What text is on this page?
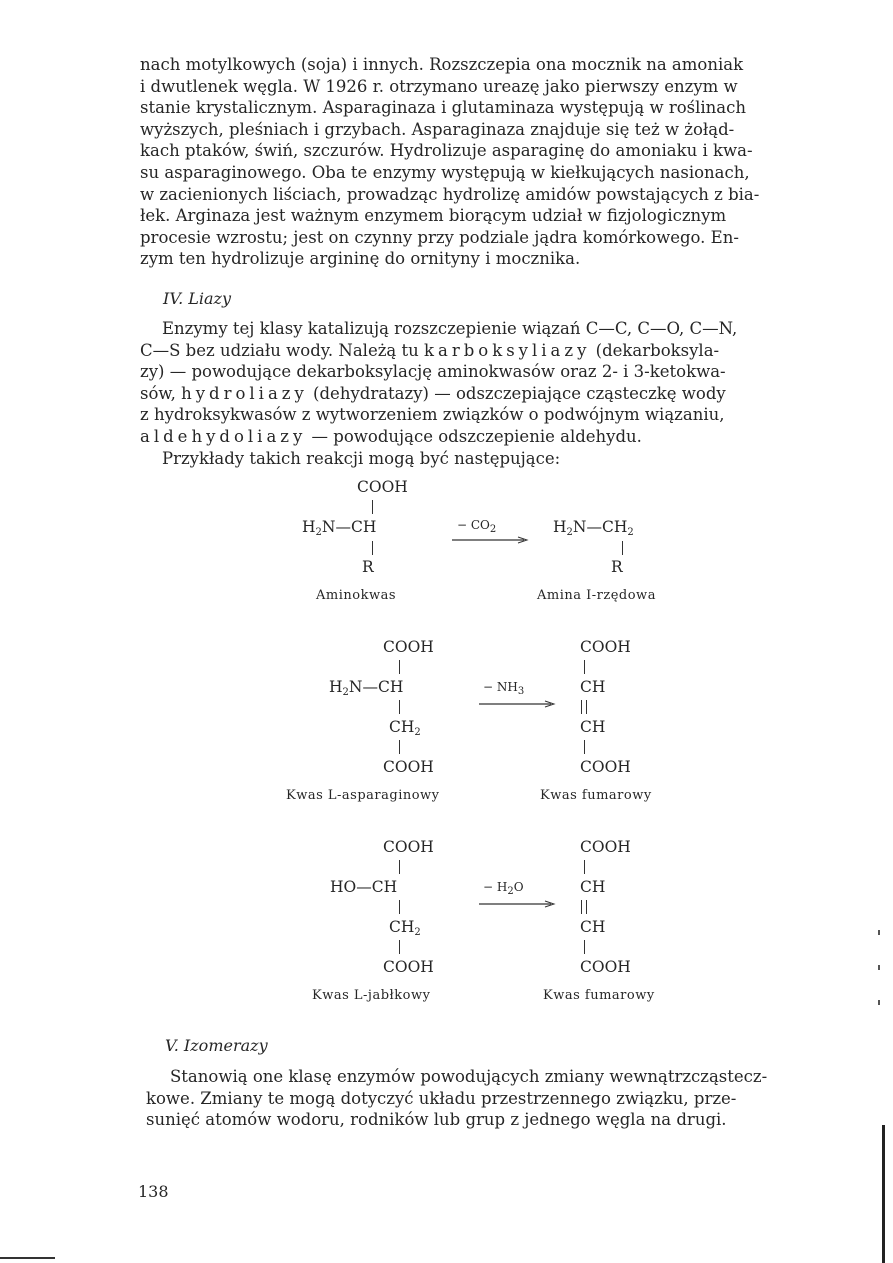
nach motylkowych (soja) i innych. Rozszczepia ona mocznik na amoniak
i dwutlenek węgla. W 1926 r. otrzymano ureazę jako pierwszy enzym w
stanie krystalicznym. Asparaginaza i glutaminaza występują w roślinach
wyższych, pleśniach i grzybach. Asparaginaza znajduje się też w żołąd-
kach ptaków, świń, szczurów. Hydrolizuje asparaginę do amoniaku i kwa-
su asparaginowego. Oba te enzymy występują w kiełkujących nasionach,
w zacienionych liściach, prowadząc hydrolizę amidów powstających z bia-
łek. Arginaza jest ważnym enzymem biorącym udział w fizjologicznym
procesie wzrostu; jest on czynny przy podziale jądra komórkowego. En-
zym ten hydrolizuje argininę do ornityny i mocznika.

IV. Liazy

Enzymy tej klasy katalizują rozszczepienie wiązań C—C, C—O, C—N,
C—S bez udziału wody. Należą tu karboksyliazy (dekarboksyla-
zy) — powodujące dekarboksylację aminokwasów oraz 2- i 3-ketokwa-
sów, hydroliazy (dehydratazy) — odszczepiające cząsteczkę wody
z hydroksykwasów z wytworzeniem związków o podwójnym wiązaniu,
aldehydoliazy — powodujące odszczepienie aldehydu.
Przykłady takich reakcji mogą być następujące:
COOH
$H_2N—CH$
R
− $CO_2$	$H_2N—CH_2$
R
Aminokwas	Amina I-rzędowa
COOH
$H_2N—CH$
$CH_2$
COOH
− $NH_3$
COOH
CH
CH
COOH
Kwas L-asparaginowy	Kwas fumarowy
COOH
HO—CH
$CH_2$
COOH
− $H_2O$
COOH
CH
CH
COOH
Kwas L-jabłkowy	Kwas fumarowy

V. Izomerazy

Stanowią one klasę enzymów powodujących zmiany wewnątrzcząstecz-
kowe. Zmiany te mogą dotyczyć układu przestrzennego związku, prze-
sunięć atomów wodoru, rodników lub grup z jednego węgla na drugi.
138
